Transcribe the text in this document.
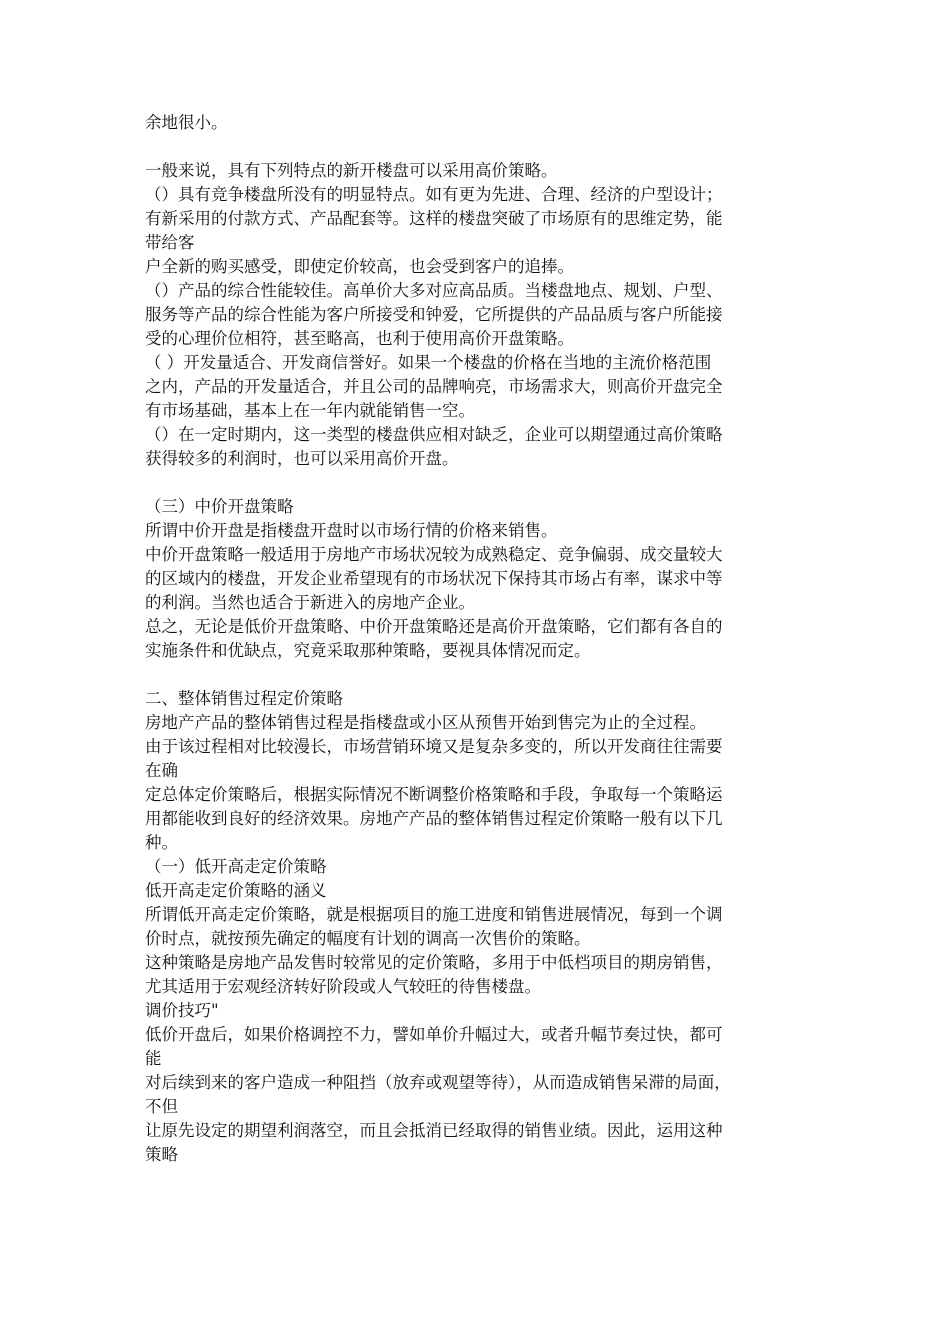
余地很小。
一般来说，具有下列特点的新开楼盘可以采用高价策略。
（）具有竞争楼盘所没有的明显特点。如有更为先进、合理、经济的户型设计；
有新采用的付款方式、产品配套等。这样的楼盘突破了市场原有的思维定势，能
带给客
户全新的购买感受，即使定价较高，也会受到客户的追捧。
（）产品的综合性能较佳。高单价大多对应高品质。当楼盘地点、规划、户型、
服务等产品的综合性能为客户所接受和钟爱，它所提供的产品品质与客户所能接
受的心理价位相符，甚至略高，也利于使用高价开盘策略。
（ ）开发量适合、开发商信誉好。如果一个楼盘的价格在当地的主流价格范围
之内，产品的开发量适合，并且公司的品牌响亮，市场需求大，则高价开盘完全
有市场基础，基本上在一年内就能销售一空。
（）在一定时期内，这一类型的楼盘供应相对缺乏，企业可以期望通过高价策略
获得较多的利润时，也可以采用高价开盘。
（三）中价开盘策略
所谓中价开盘是指楼盘开盘时以市场行情的价格来销售。
中价开盘策略一般适用于房地产市场状况较为成熟稳定、竞争偏弱、成交量较大
的区域内的楼盘，开发企业希望现有的市场状况下保持其市场占有率，谋求中等
的利润。当然也适合于新进入的房地产企业。
总之，无论是低价开盘策略、中价开盘策略还是高价开盘策略，它们都有各自的
实施条件和优缺点，究竟采取那种策略，要视具体情况而定。
二、整体销售过程定价策略
房地产产品的整体销售过程是指楼盘或小区从预售开始到售完为止的全过程。
由于该过程相对比较漫长，市场营销环境又是复杂多变的，所以开发商往往需要
在确
定总体定价策略后，根据实际情况不断调整价格策略和手段，争取每一个策略运
用都能收到良好的经济效果。房地产产品的整体销售过程定价策略一般有以下几
种。
（一）低开高走定价策略
低开高走定价策略的涵义
所谓低开高走定价策略，就是根据项目的施工进度和销售进展情况，每到一个调
价时点，就按预先确定的幅度有计划的调高一次售价的策略。
这种策略是房地产品发售时较常见的定价策略，多用于中低档项目的期房销售，
尤其适用于宏观经济转好阶段或人气较旺的待售楼盘。
调价技巧"
低价开盘后，如果价格调控不力，譬如单价升幅过大，或者升幅节奏过快，都可
能
对后续到来的客户造成一种阻挡（放弃或观望等待），从而造成销售呆滞的局面，
不但
让原先设定的期望利润落空，而且会抵消已经取得的销售业绩。因此，运用这种
策略
